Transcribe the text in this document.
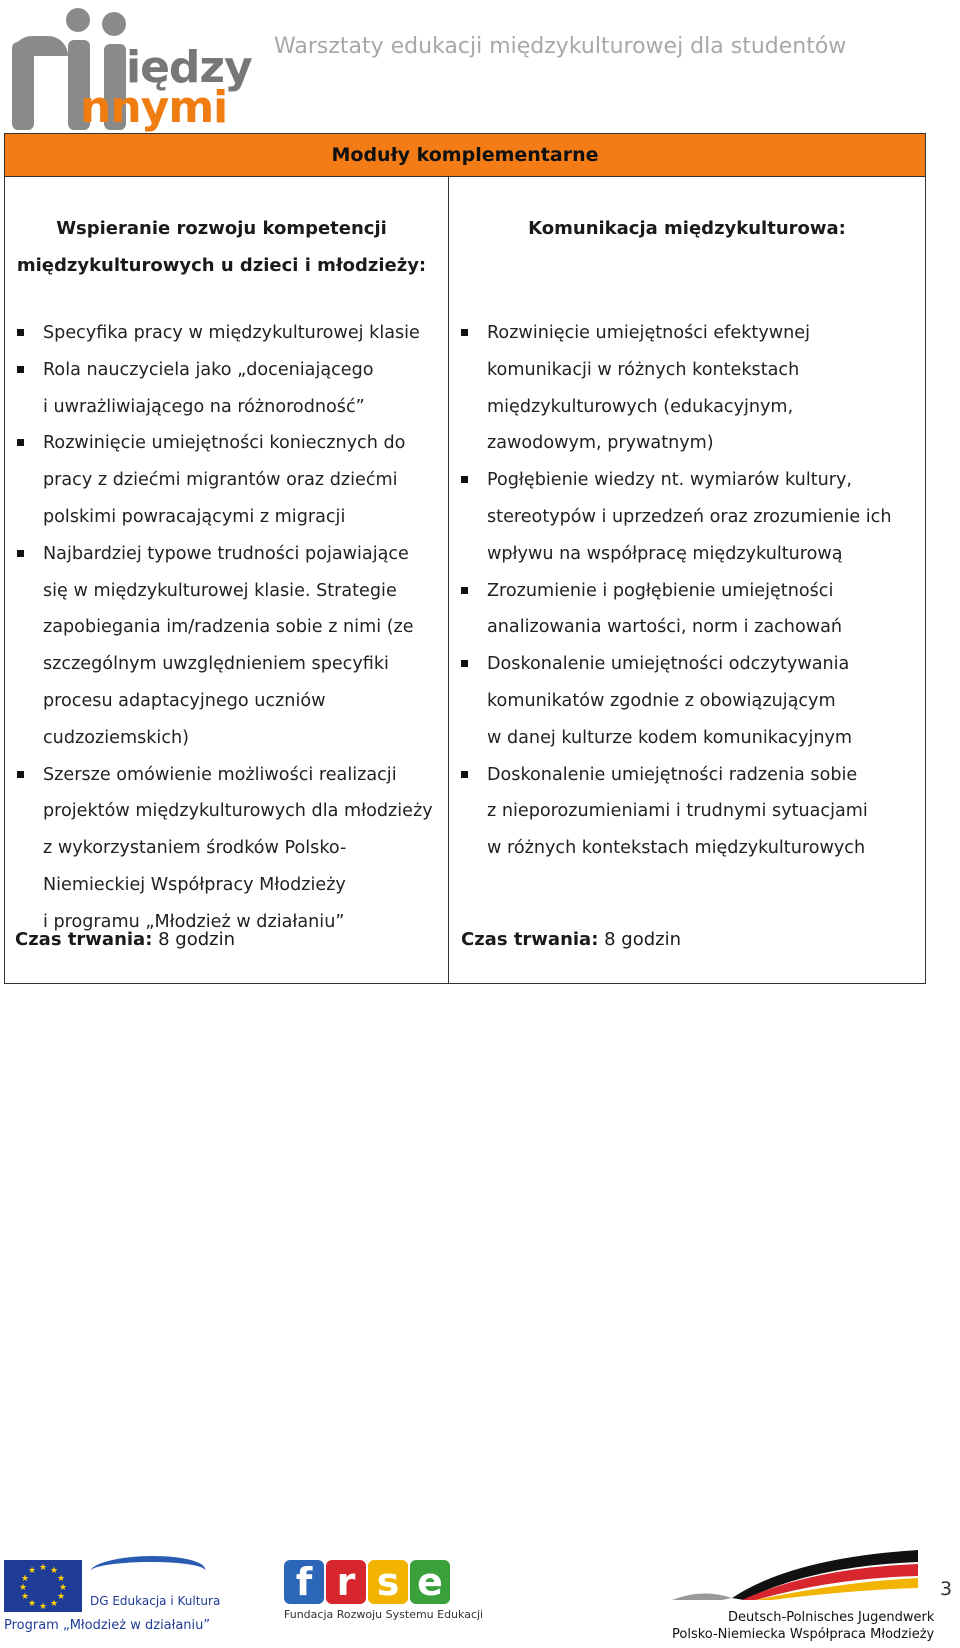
iędzy
nnymi
Warsztaty edukacji międzykulturowej dla studentów
Moduły komplementarne
Wspieranie rozwoju kompetencji
międzykulturowych u dzieci i młodzieży:
Specyfika pracy w międzykulturowej klasie
Rola nauczyciela jako „doceniającego
i uwrażliwiającego na różnorodność”
Rozwinięcie umiejętności koniecznych do
pracy z dziećmi migrantów oraz dziećmi
polskimi powracającymi z migracji
Najbardziej typowe trudności pojawiające
się w międzykulturowej klasie. Strategie
zapobiegania im/radzenia sobie z nimi (ze
szczególnym uwzględnieniem specyfiki
procesu adaptacyjnego uczniów
cudzoziemskich)
Szersze omówienie możliwości realizacji
projektów międzykulturowych dla młodzieży
z wykorzystaniem środków Polsko-
Niemieckiej Współpracy Młodzieży
i programu „Młodzież w działaniu”
Czas trwania: 8 godzin
Komunikacja międzykulturowa:
Rozwinięcie umiejętności efektywnej
komunikacji w różnych kontekstach
międzykulturowych (edukacyjnym,
zawodowym, prywatnym)
Pogłębienie wiedzy nt. wymiarów kultury,
stereotypów i uprzedzeń oraz zrozumienie ich
wpływu na współpracę międzykulturową
Zrozumienie i pogłębienie umiejętności
analizowania wartości, norm i zachowań
Doskonalenie umiejętności odczytywania
komunikatów zgodnie z obowiązującym
w danej kulturze kodem komunikacyjnym
Doskonalenie umiejętności radzenia sobie
z nieporozumieniami i trudnymi sytuacjami
w różnych kontekstach międzykulturowych
Czas trwania: 8 godzin
★ ★
★
★
★
★
★
★
★
★
★
★
DG Edukacja i Kultura
Program „Młodzież w działaniu”
f r s e
Fundacja Rozwoju Systemu Edukacji	Deutsch-Polnisches Jugendwerk
Polsko-Niemiecka Współpraca Młodzieży
3
